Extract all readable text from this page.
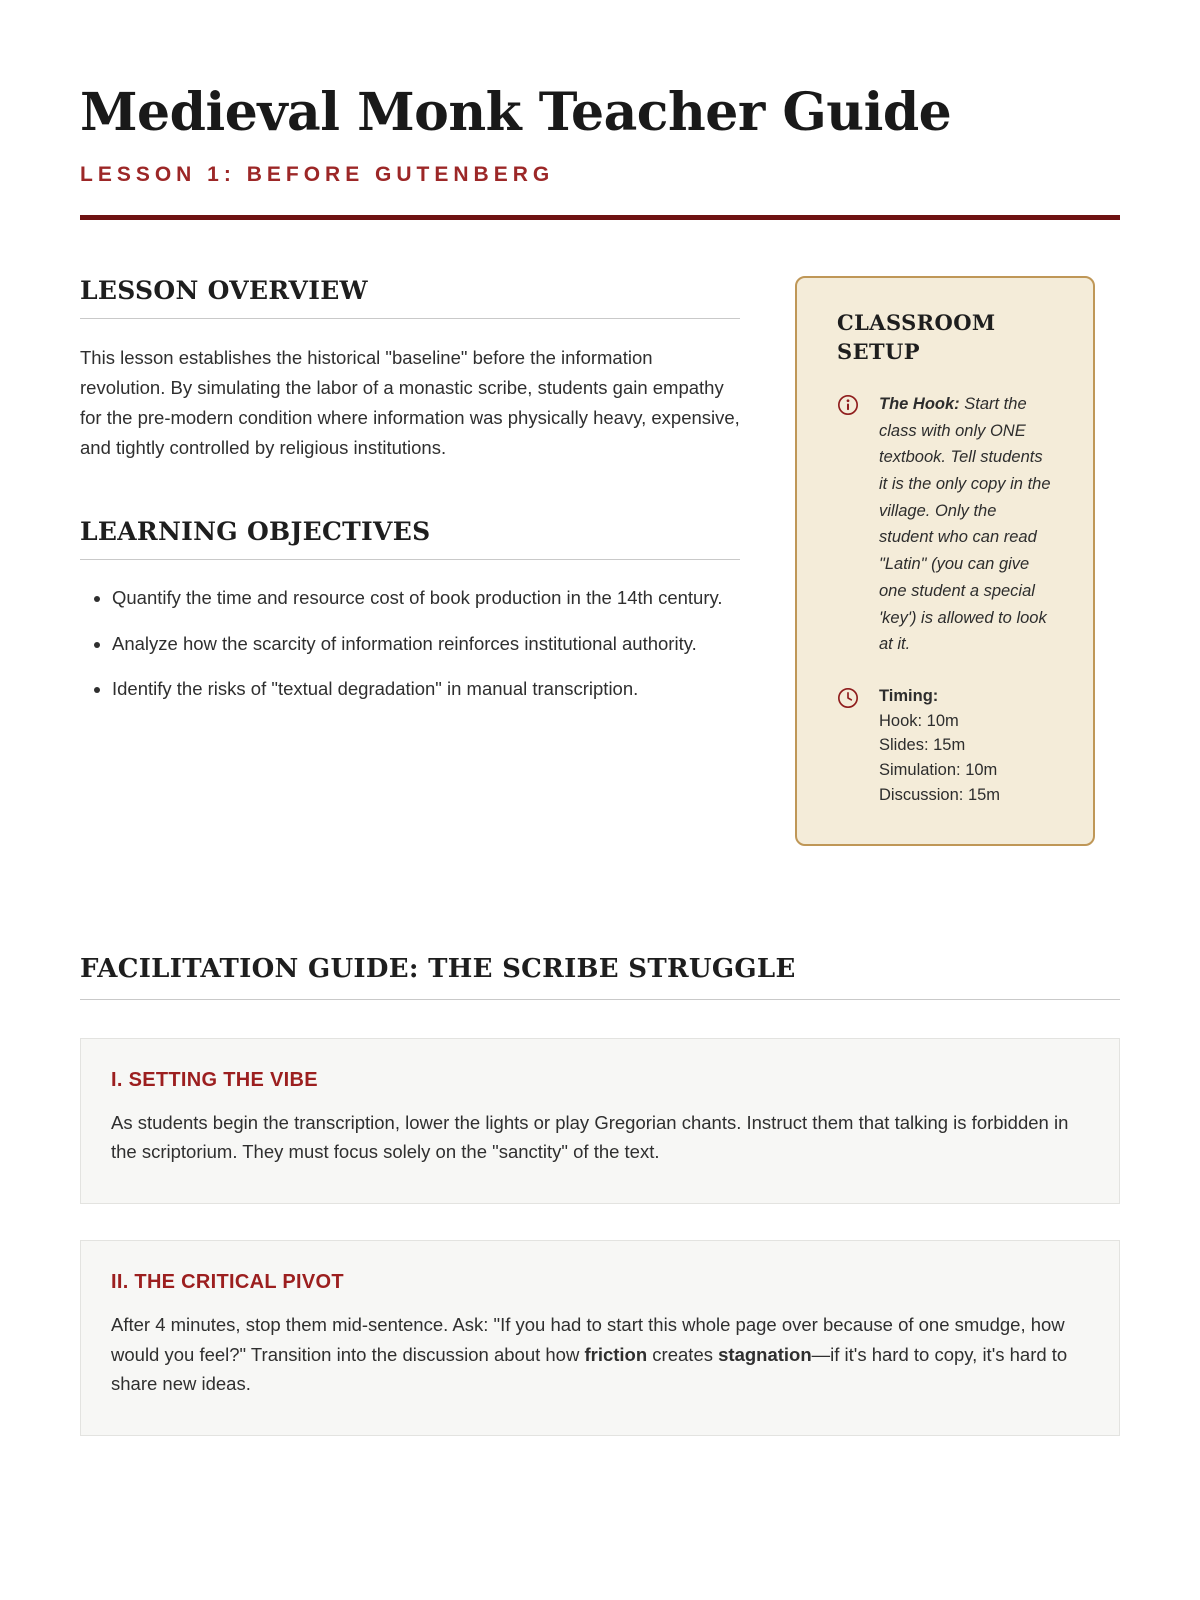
Medieval Monk Teacher Guide
LESSON 1: BEFORE GUTENBERG
LESSON OVERVIEW

This lesson establishes the historical "baseline" before the information revolution. By simulating the labor of a monastic scribe, students gain empathy for the pre-modern condition where information was physically heavy, expensive, and tightly controlled by religious institutions.

LEARNING OBJECTIVES
• Quantify the time and resource cost of book production in the 14th century.
• Analyze how the scarcity of information reinforces institutional authority.
• Identify the risks of "textual degradation" in manual transcription.
CLASSROOM SETUP
The Hook: Start the class with only ONE textbook. Tell students it is the only copy in the village. Only the student who can read "Latin" (you can give one student a special 'key') is allowed to look at it.
Timing:
Hook: 10m
Slides: 15m
Simulation: 10m
Discussion: 15m
FACILITATION GUIDE: THE SCRIBE STRUGGLE
I. SETTING THE VIBE

As students begin the transcription, lower the lights or play Gregorian chants. Instruct them that talking is forbidden in the scriptorium. They must focus solely on the "sanctity" of the text.

II. THE CRITICAL PIVOT

After 4 minutes, stop them mid-sentence. Ask: "If you had to start this whole page over because of one smudge, how would you feel?" Transition into the discussion about how friction creates stagnation—if it's hard to copy, it's hard to share new ideas.
